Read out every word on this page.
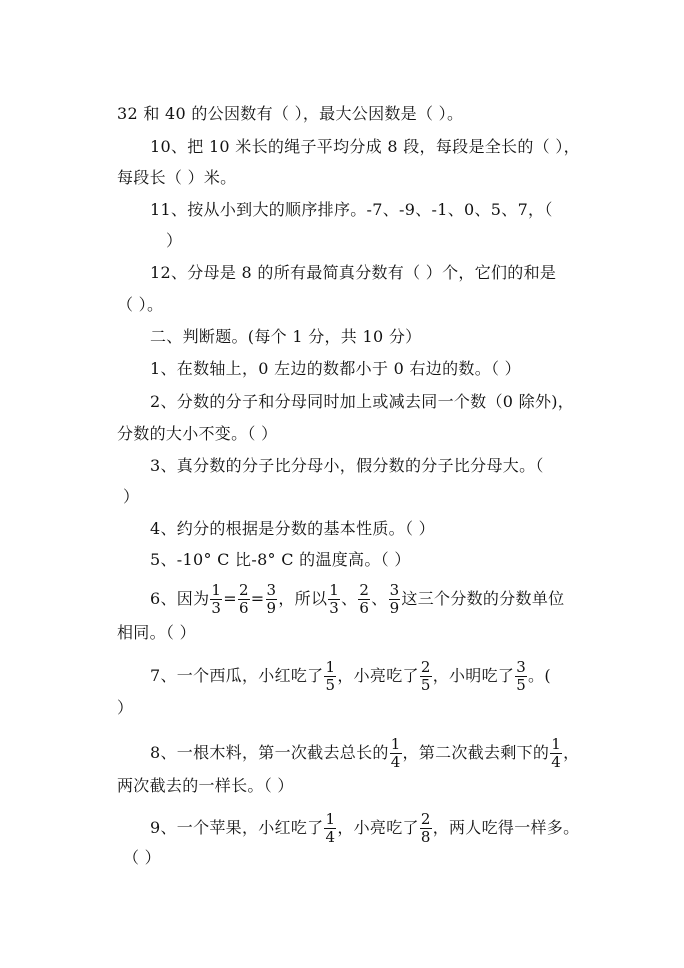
32 和 40 的公因数有（ ），最大公因数是（ ）。
10、把 10 米长的绳子平均分成 8 段，每段是全长的（ ），
每段长（ ）米。
11、按从小到大的顺序排序。-7、-9、-1、0、5、7，（
）
12、分母是 8 的所有最简真分数有（ ）个，它们的和是
（ ）。
二、判断题。(每个 1 分，共 10 分）
1、在数轴上，0 左边的数都小于 0 右边的数。（ ）
2、分数的分子和分母同时加上或减去同一个数（0 除外)，
分数的大小不变。（ ）
3、真分数的分子比分母小，假分数的分子比分母大。（
）
4、约分的根据是分数的基本性质。（ ）
5、-10° C 比-8° C 的温度高。（ ）
6、因为 $\frac{1}{3} = \frac{2}{6} = \frac{3}{9}$ ，所以 $\frac{1}{3}$ 、 $\frac{2}{6}$ 、 $\frac{3}{9}$ 这三个分数的分数单位
相同。（ ）
7、一个西瓜，小红吃了 $\frac{1}{5}$ ，小亮吃了 $\frac{2}{5}$ ，小明吃了 $\frac{3}{5}$ 。(
）
8、一根木料，第一次截去总长的 $\frac{1}{4}$ ，第二次截去剩下的 $\frac{1}{4}$ ，
两次截去的一样长。（ ）
9、一个苹果，小红吃了 $\frac{1}{4}$ ，小亮吃了 $\frac{2}{8}$ ，两人吃得一样多。
（ ）
